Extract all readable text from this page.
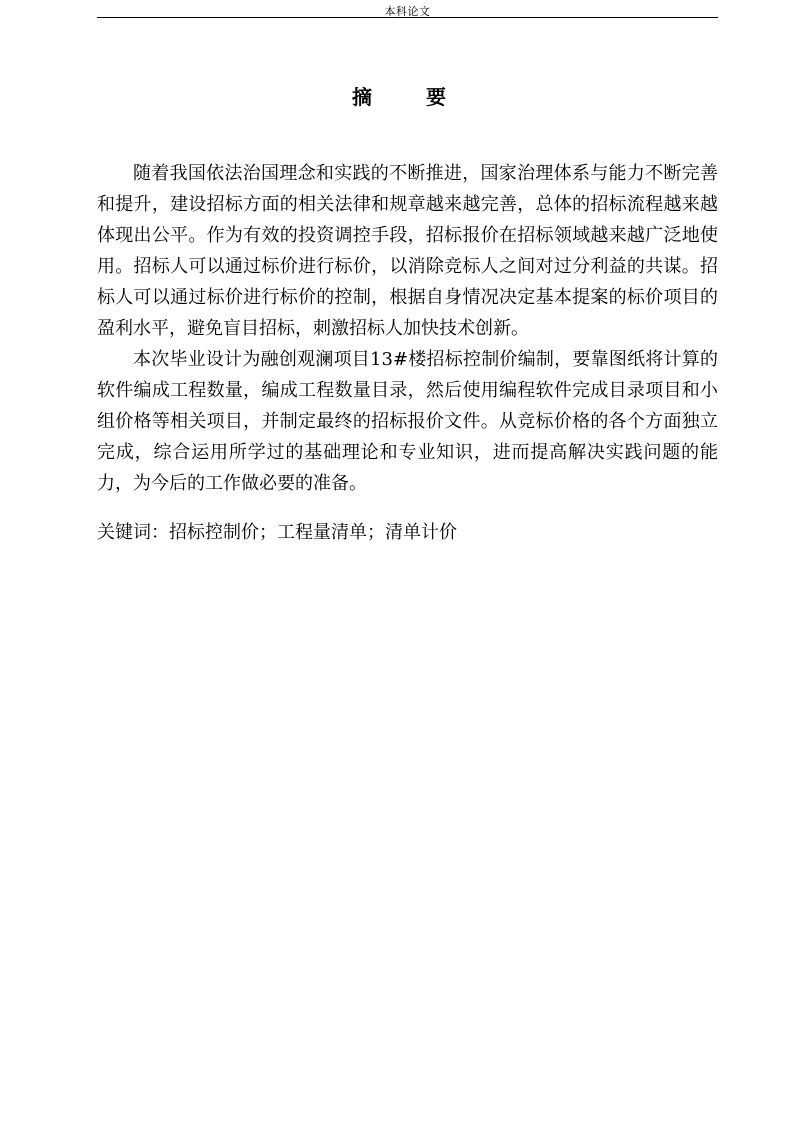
本科论文
摘　要

随着我国依法治国理念和实践的不断推进，国家治理体系与能力不断完善和提升，建设招标方面的相关法律和规章越来越完善，总体的招标流程越来越体现出公平。作为有效的投资调控手段，招标报价在招标领域越来越广泛地使用。招标人可以通过标价进行标价，以消除竞标人之间对过分利益的共谋。招标人可以通过标价进行标价的控制，根据自身情况决定基本提案的标价项目的盈利水平，避免盲目招标，刺激招标人加快技术创新。

本次毕业设计为融创观澜项目13#楼招标控制价编制，要靠图纸将计算的软件编成工程数量，编成工程数量目录，然后使用编程软件完成目录项目和小组价格等相关项目，并制定最终的招标报价文件。从竞标价格的各个方面独立完成，综合运用所学过的基础理论和专业知识，进而提高解决实践问题的能力，为今后的工作做必要的准备。

关键词：招标控制价；工程量清单；清单计价
